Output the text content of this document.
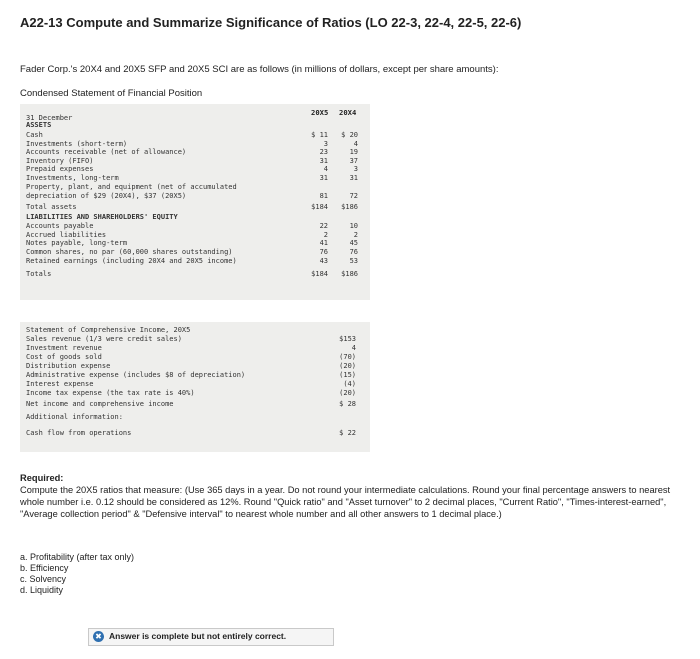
A22-13 Compute and Summarize Significance of Ratios (LO 22-3, 22-4, 22-5, 22-6)
Fader Corp.'s 20X4 and 20X5 SFP and 20X5 SCI are as follows (in millions of dollars, except per share amounts):
Condensed Statement of Financial Position
31 December
ASSETS
Cash	$ 11 $ 20
Investments (short-term)	3	4
Accounts receivable (net of allowance)	23	19
Inventory (FIFO)	31	37
Prepaid expenses	4	3
Investments, long-term	31	31
Property, plant, and equipment (net of accumulated
depreciation of $29 (20X4), $37 (20X5)	81	72
Total assets	$184 $186
LIABILITIES AND SHAREHOLDERS' EQUITY
Accounts payable	22	10
Accrued liabilities	2	2
Notes payable, long-term	41	45
Common shares, no par (60,000 shares outstanding)	76	76
Retained earnings (including 20X4 and 20X5 income)	43	53
Totals	$184 $186
20X5 20X4
Statement of Comprehensive Income, 20X5
Sales revenue (1/3 were credit sales)	$153
Investment revenue	4
Cost of goods sold	(70)
Distribution expense	(20)
Administrative expense (includes $8 of depreciation)	(15)
Interest expense	(4)
Income tax expense (the tax rate is 40%)	(20)
Net income and comprehensive income	$ 28
Additional information:
Cash flow from operations	$ 22
Required:
Compute the 20X5 ratios that measure: (Use 365 days in a year. Do not round your intermediate calculations. Round your final percentage answers to nearest whole number i.e. 0.12 should be considered as 12%. Round "Quick ratio" and "Asset turnover" to 2 decimal places, "Current Ratio", "Times-interest-earned", "Average collection period" & "Defensive interval" to nearest whole number and all other answers to 1 decimal place.)
a. Profitability (after tax only)
b. Efficiency
c. Solvency
d. Liquidity
✖ Answer is complete but not entirely correct.
